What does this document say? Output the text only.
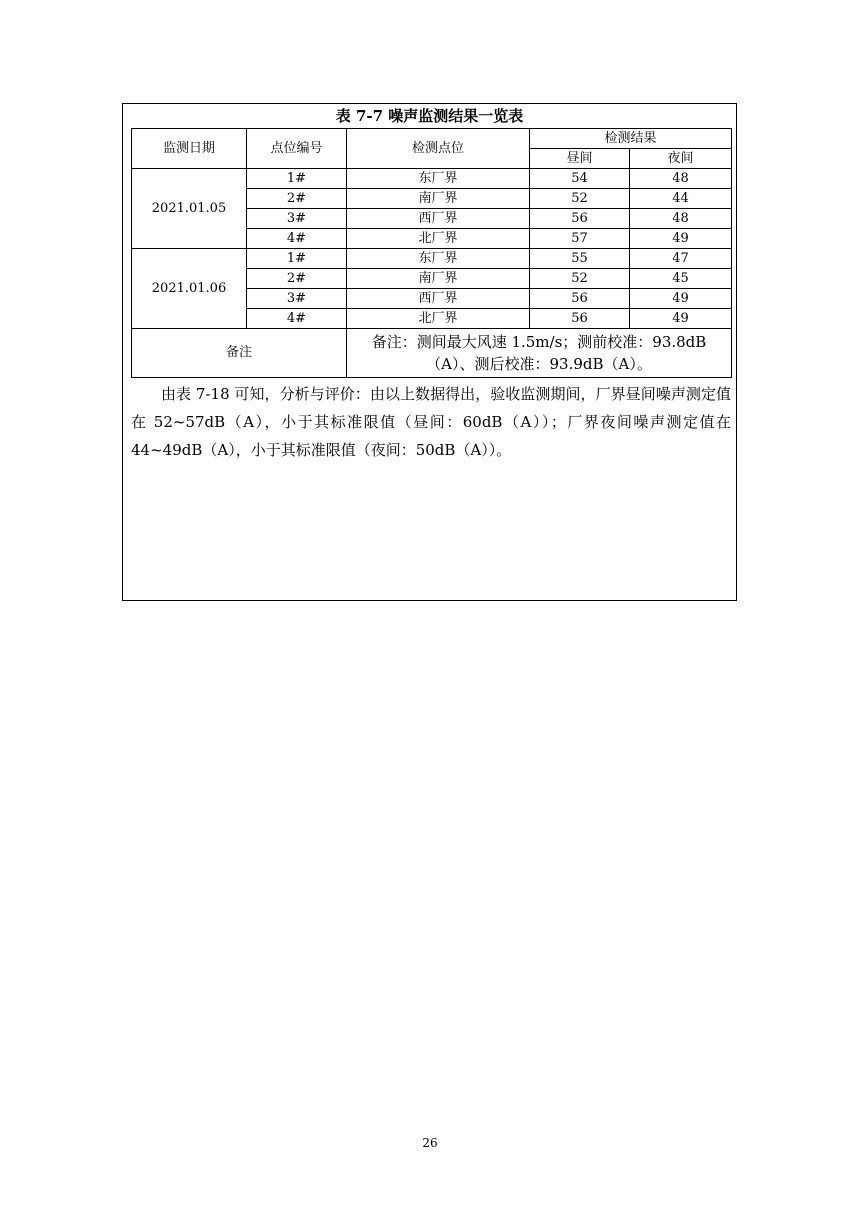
表 7-7 噪声监测结果一览表
监测日期	点位编号	检测点位	检测结果	
			昼间	夜间
2021.01.05	1#	东厂界	54	48
	2#	南厂界	52	44
	3#	西厂界	56	48
	4#	北厂界	57	49
2021.01.06	1#	东厂界	55	47
	2#	南厂界	52	45
	3#	西厂界	56	49
	4#	北厂界	56	49
备注		备注：测间最大风速 1.5m/s；测前校准：93.8dB
（A）、测后校准：93.9dB（A）。		
由表 7-18 可知，分析与评价：由以上数据得出，验收监测期间，厂界昼间噪声测定值在 52~57dB（A），小于其标准限值（昼间：60dB（A））；厂界夜间噪声测定值在 44~49dB（A），小于其标准限值（夜间：50dB（A））。
26
